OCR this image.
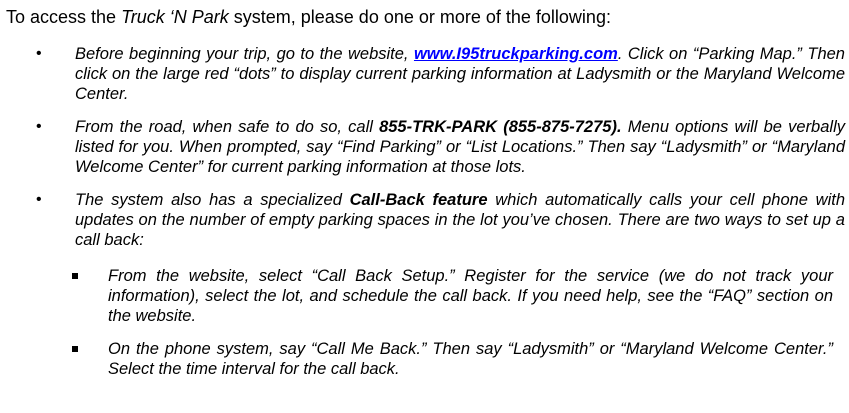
To access the Truck ‘N Park system, please do one or more of the following:

• Before beginning your trip, go to the website, www.I95truckparking.com. Click on “Parking Map.” Then click on the large red “dots” to display current parking information at Ladysmith or the Maryland Welcome Center.
• From the road, when safe to do so, call 855-TRK-PARK (855-875-7275). Menu options will be verbally listed for you. When prompted, say “Find Parking” or “List Locations.” Then say “Ladysmith” or “Maryland Welcome Center” for current parking information at those lots.
• The system also has a specialized Call-Back feature which automatically calls your cell phone with updates on the number of empty parking spaces in the lot you’ve chosen. There are two ways to set up a call back:
From the website, select “Call Back Setup.” Register for the service (we do not track your information), select the lot, and schedule the call back. If you need help, see the “FAQ” section on the website.
On the phone system, say “Call Me Back.” Then say “Ladysmith” or “Maryland Welcome Center.” Select the time interval for the call back.
